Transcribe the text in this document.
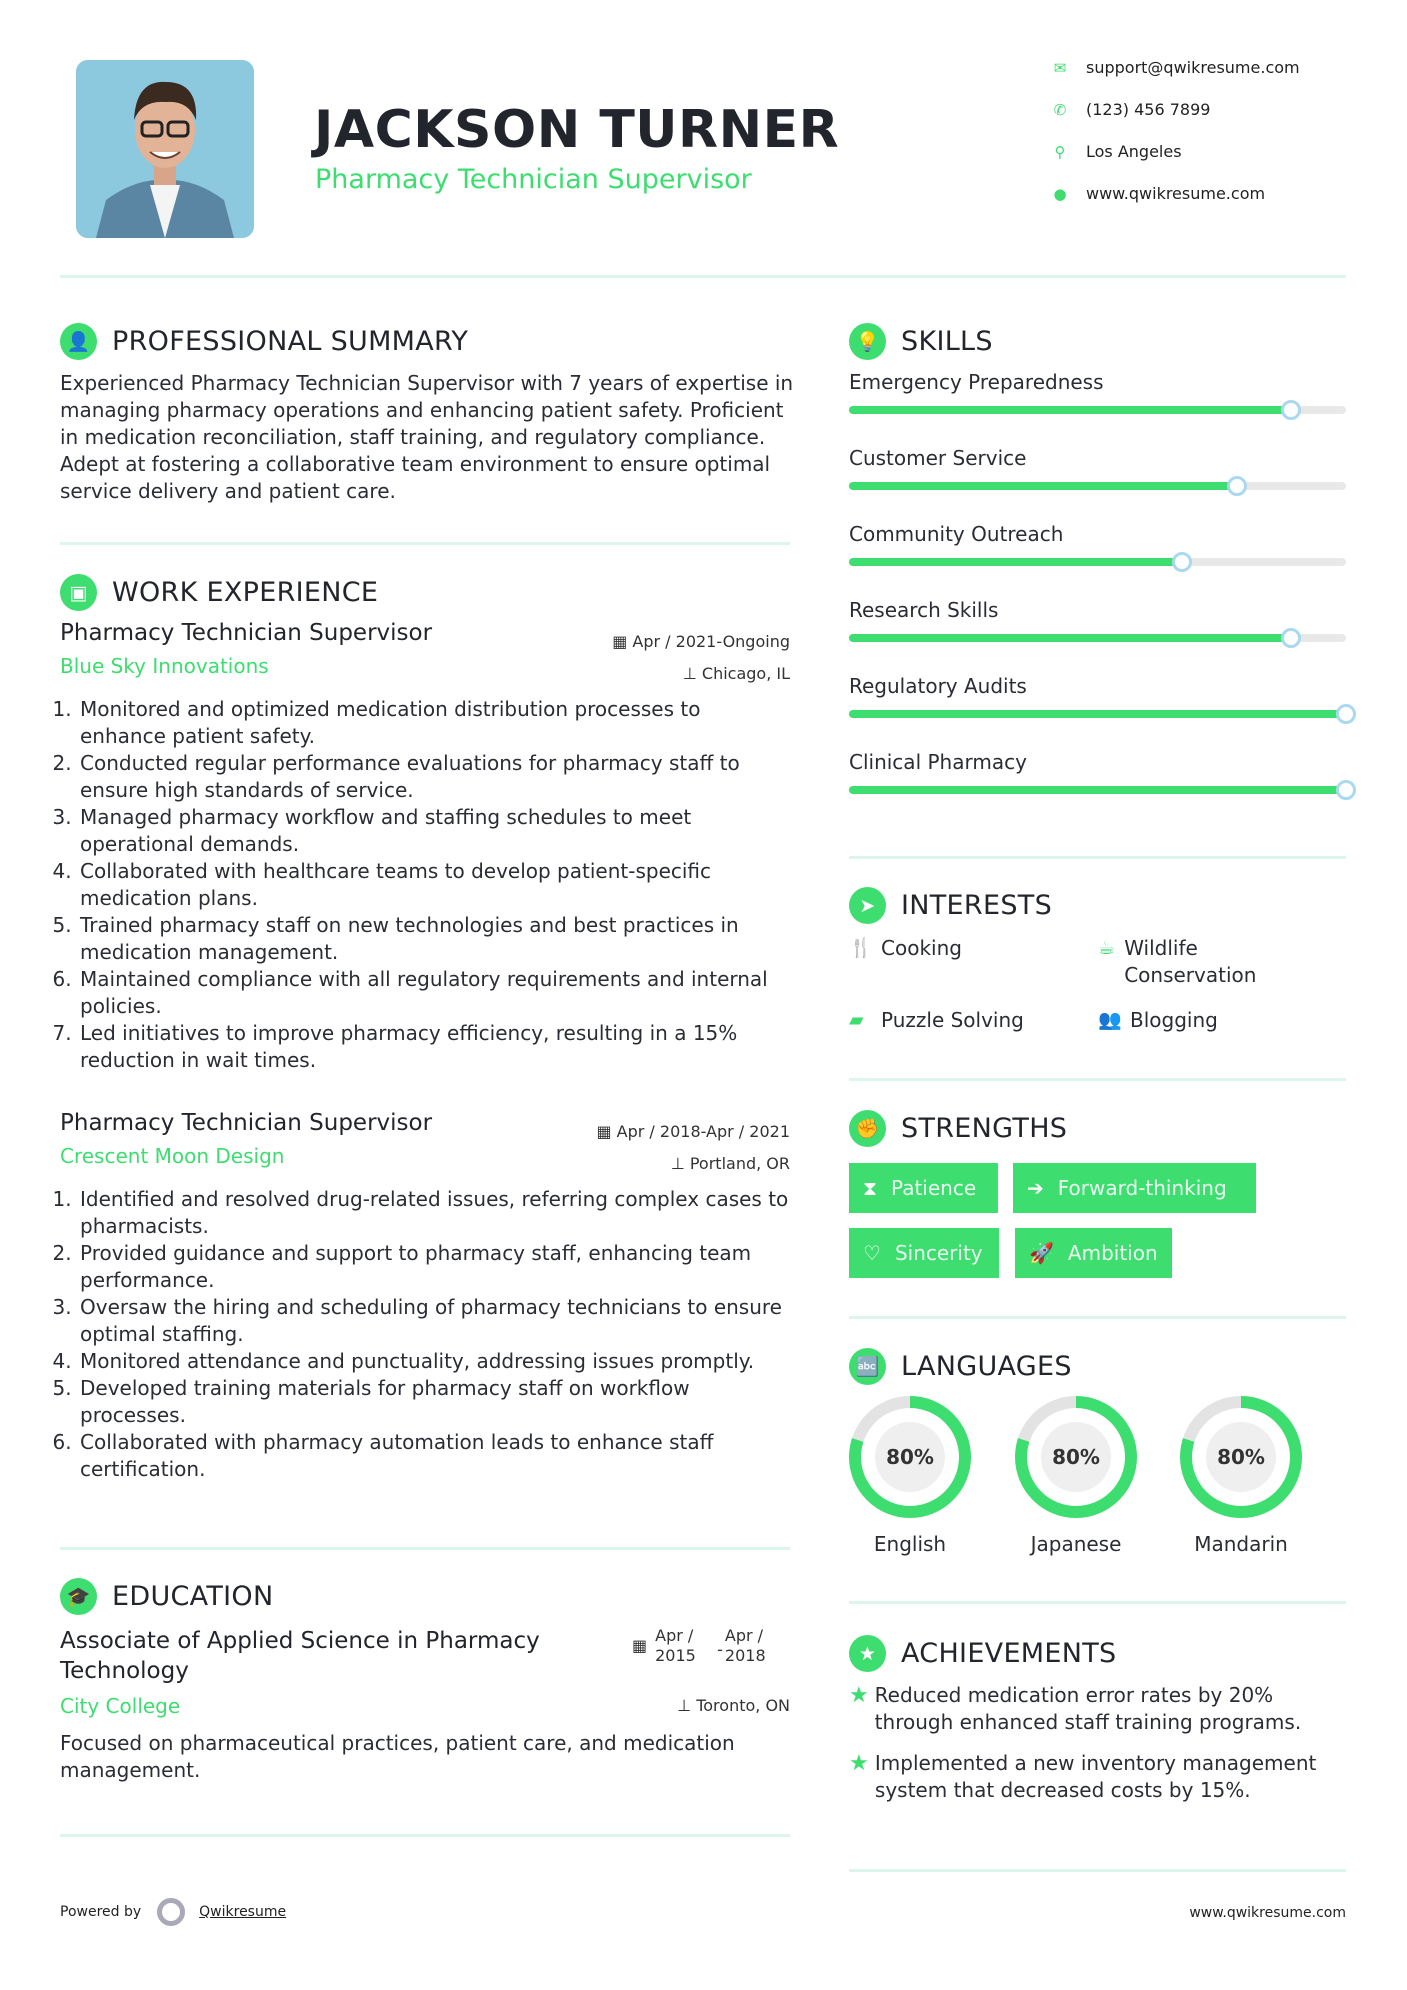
JACKSON TURNER
Pharmacy Technician Supervisor
✉ support@qwikresume.com
✆ (123) 456 7899
⚲ Los Angeles
● www.qwikresume.com
👤 PROFESSIONAL SUMMARY
Experienced Pharmacy Technician Supervisor with 7 years of expertise in managing pharmacy operations and enhancing patient safety. Proficient in medication reconciliation, staff training, and regulatory compliance. Adept at fostering a collaborative team environment to ensure optimal service delivery and patient care.
▣ WORK EXPERIENCE
Pharmacy Technician Supervisor
Blue Sky Innovations
▦ Apr / 2021-Ongoing
⊥ Chicago, IL
1. Monitored and optimized medication distribution processes to enhance patient safety.
2. Conducted regular performance evaluations for pharmacy staff to ensure high standards of service.
3. Managed pharmacy workflow and staffing schedules to meet operational demands.
4. Collaborated with healthcare teams to develop patient-specific medication plans.
5. Trained pharmacy staff on new technologies and best practices in medication management.
6. Maintained compliance with all regulatory requirements and internal policies.
7. Led initiatives to improve pharmacy efficiency, resulting in a 15% reduction in wait times.
Pharmacy Technician Supervisor
Crescent Moon Design
▦ Apr / 2018-Apr / 2021
⊥ Portland, OR
1. Identified and resolved drug-related issues, referring complex cases to pharmacists.
2. Provided guidance and support to pharmacy staff, enhancing team performance.
3. Oversaw the hiring and scheduling of pharmacy technicians to ensure optimal staffing.
4. Monitored attendance and punctuality, addressing issues promptly.
5. Developed training materials for pharmacy staff on workflow processes.
6. Collaborated with pharmacy automation leads to enhance staff certification.
🎓 EDUCATION
Associate of Applied Science in Pharmacy Technology
▦
Apr / 2015	-
Apr / 2018
City College	⊥ Toronto, ON
Focused on pharmaceutical practices, patient care, and medication management.
💡 SKILLS
Emergency Preparedness
Customer Service
Community Outreach
Research Skills
Regulatory Audits
Clinical Pharmacy
➤ INTERESTS
🍴 Cooking	☕ Wildlife Conservation
▰ Puzzle Solving	👥 Blogging
✊ STRENGTHS
⧗ Patience	➔ Forward-thinking
♡ Sincerity 🚀 Ambition
🔤 LANGUAGES
80%
English
80%
Japanese
80%
Mandarin
★ ACHIEVEMENTS
★ Reduced medication error rates by 20% through enhanced staff training programs.
★ Implemented a new inventory management system that decreased costs by 15%.
Powered by	Qwikresume	www.qwikresume.com
